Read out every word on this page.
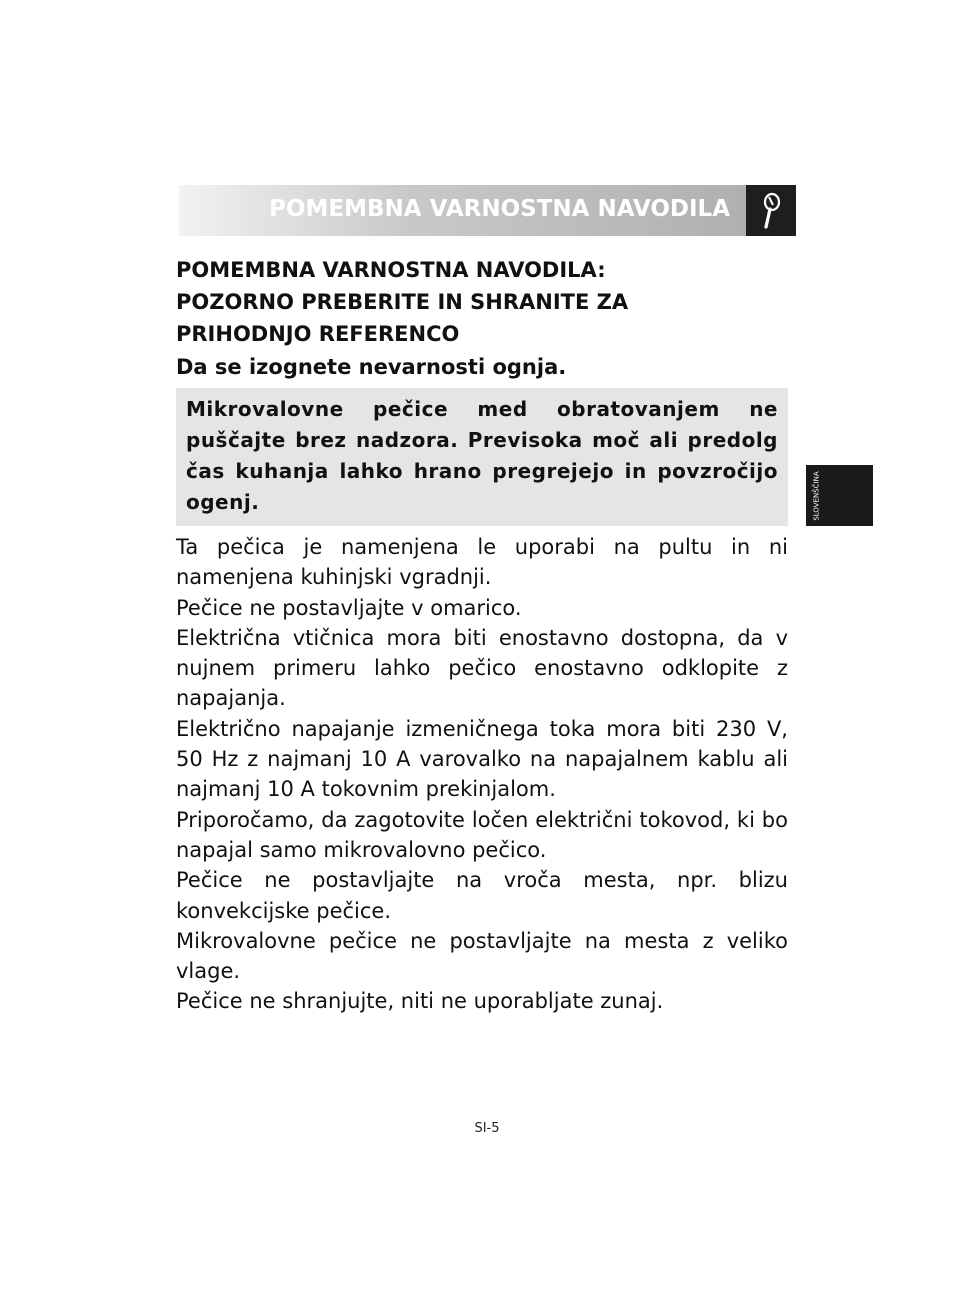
POMEMBNA VARNOSTNA NAVODILA
SLOVENŠČINA
POMEMBNA VARNOSTNA NAVODILA:
POZORNO PREBERITE IN SHRANITE ZA
PRIHODNJO REFERENCO
Da se izognete nevarnosti ognja.
Mikrovalovne pečice med obratovanjem ne puščajte brez nadzora. Previsoka moč ali predolg čas kuhanja lahko hrano pregrejejo in povzročijo ogenj.

Ta pečica je namenjena le uporabi na pultu in ni namenjena kuhinjski vgradnji.

Pečice ne postavljajte v omarico.

Električna vtičnica mora biti enostavno dostopna, da v nujnem primeru lahko pečico enostavno odklopite z napajanja.

Električno napajanje izmeničnega toka mora biti 230 V, 50 Hz z najmanj 10 A varovalko na napajalnem kablu ali najmanj 10 A tokovnim prekinjalom.

Priporočamo, da zagotovite ločen električni tokovod, ki bo napajal samo mikrovalovno pečico.

Pečice ne postavljajte na vroča mesta, npr. blizu konvekcijske pečice.

Mikrovalovne pečice ne postavljajte na mesta z veliko vlage.

Pečice ne shranjujte, niti ne uporabljate zunaj.

SI-5
